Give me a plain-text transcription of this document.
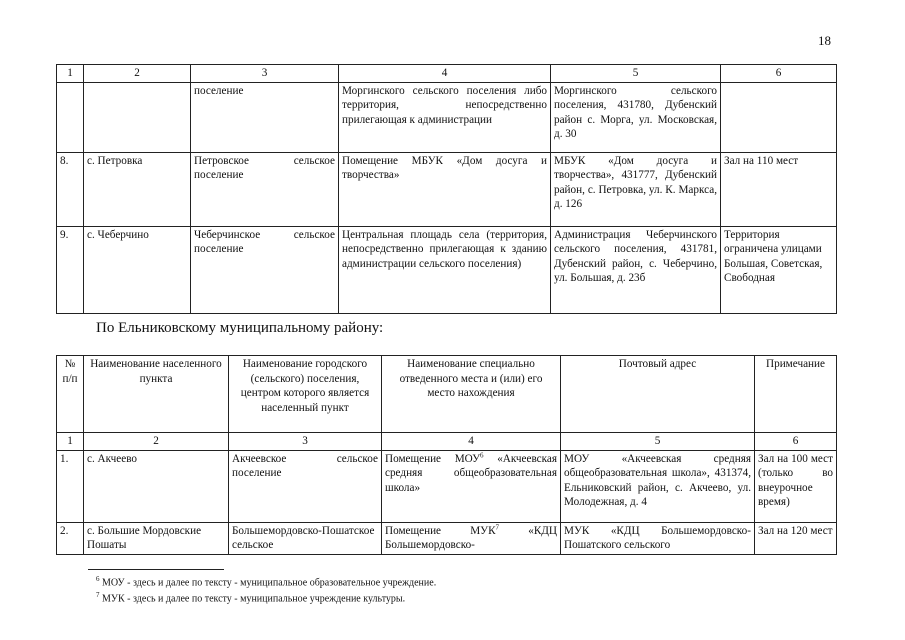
18
1	2	3	4	5	6
		поселение	Моргинского сельского поселения либо территория, непосредственно прилегающая к администрации	Моргинского сельского поселения, 431780, Дубенский район с. Морга, ул. Московская, д. 30	
8.	с. Петровка	Петровское сельское поселение	Помещение МБУК «Дом досуга и творчества»	МБУК «Дом досуга и творчества», 431777, Дубенский район, с. Петровка, ул. К. Маркса, д. 126	Зал на 110 мест
9.	с. Чеберчино	Чеберчинское сельское поселение	Центральная площадь села (территория, непосредственно прилегающая к зданию администрации сельского поселения)	Администрация Чеберчинского сельского поселения, 431781, Дубенский район, с. Чеберчино, ул. Большая, д. 23б	Территория ограничена улицами Большая, Советская, Свободная
По Ельниковскому муниципальному району:
№ п/п	Наименование населенного пункта	Наименование городского (сельского) поселения, центром которого является населенный пункт	Наименование специально отведенного места и (или) его место нахождения	Почтовый адрес	Примечание
1	2	3	4	5	6
1.	с. Акчеево	Акчеевское сельское поселение	Помещение МОУ$^6$ «Акчеевская средняя общеобразовательная школа»	МОУ «Акчеевская средняя общеобразовательная школа», 431374, Ельниковский район, с. Акчеево, ул. Молодежная, д. 4	Зал на 100 мест (только во внеурочное время)
2.	с. Большие Мордовские Пошаты	Большемордовско-Пошатское сельское	Помещение МУК$^7$ «КДЦ Большемордовско-	МУК «КДЦ Большемордовско-Пошатского сельского	Зал на 120 мест
$^6$ МОУ - здесь и далее по тексту - муниципальное образовательное учреждение.
$^7$ МУК - здесь и далее по тексту - муниципальное учреждение культуры.
